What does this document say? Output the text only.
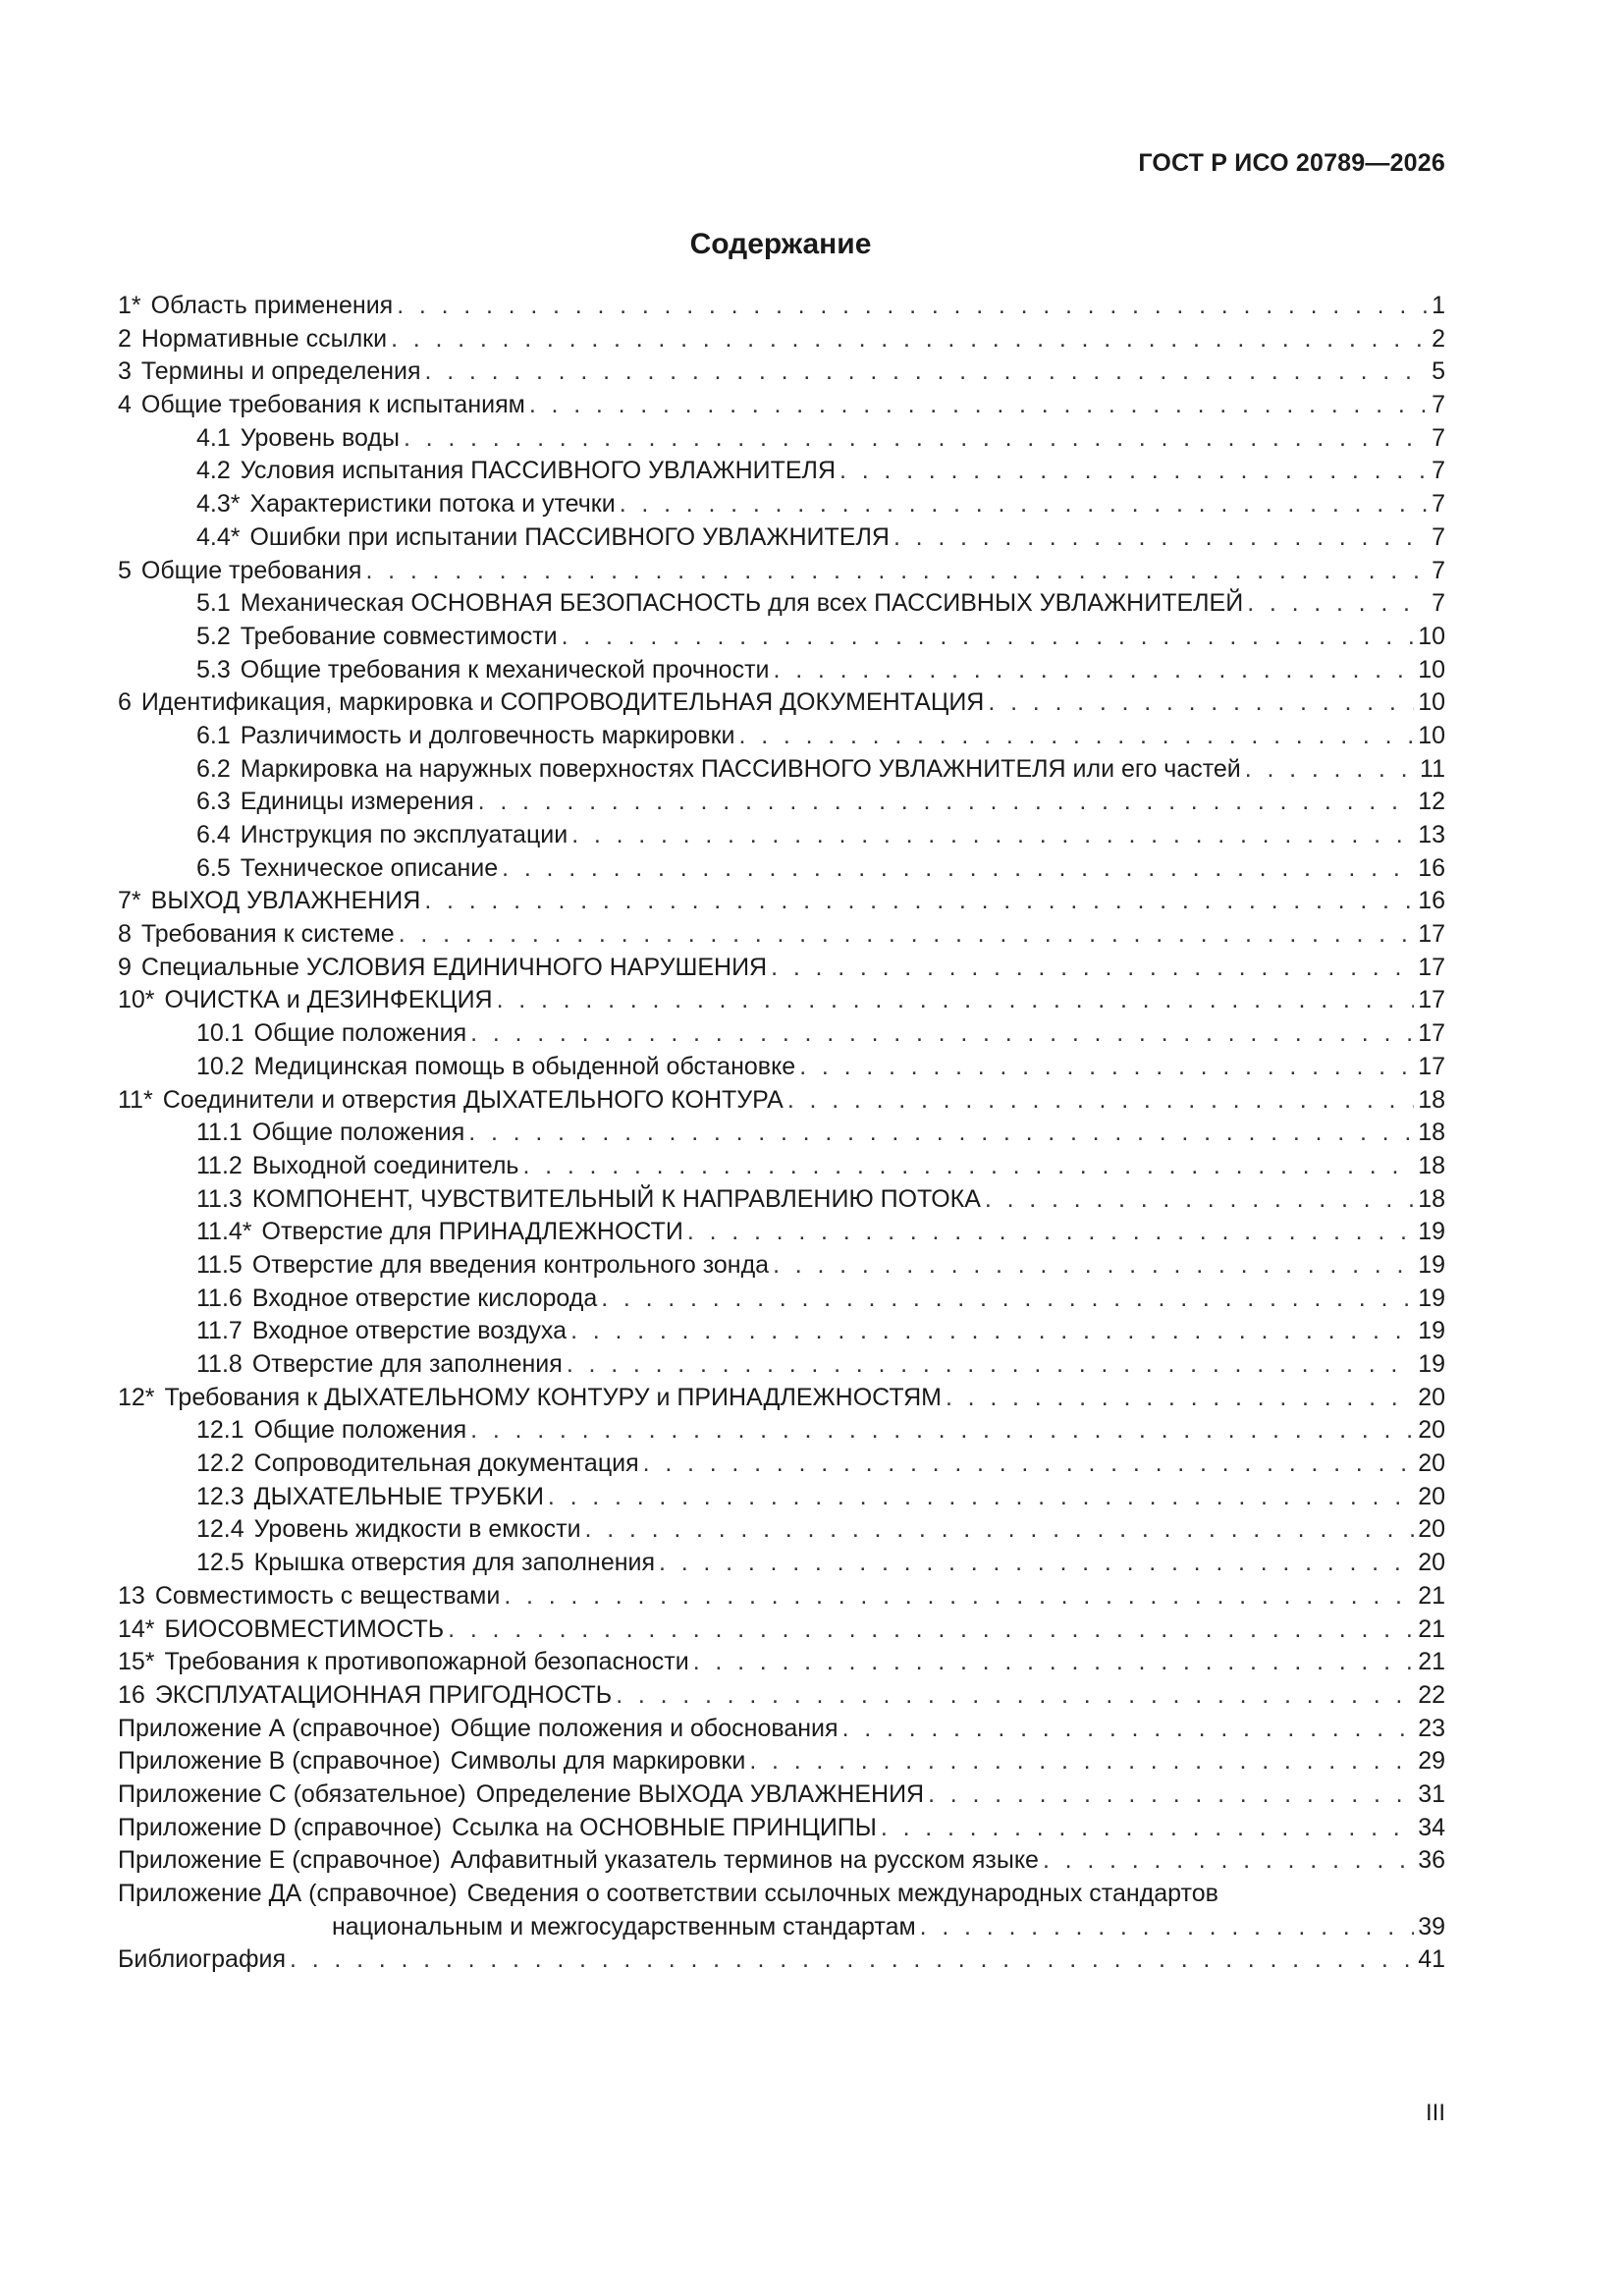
ГОСТ Р ИСО 20789—2026
Содержание
1* Область применения . . .	1
2 Нормативные ссылки . . .	2
3 Термины и определения . . .	5
4 Общие требования к испытаниям . . .	7
4.1 Уровень воды . . .	7
4.2 Условия испытания ПАССИВНОГО УВЛАЖНИТЕЛЯ . . .	7
4.3* Характеристики потока и утечки . . .	7
4.4* Ошибки при испытании ПАССИВНОГО УВЛАЖНИТЕЛЯ . . .	7
5 Общие требования . . .	7
5.1 Механическая ОСНОВНАЯ БЕЗОПАСНОСТЬ для всех ПАССИВНЫХ УВЛАЖНИТЕЛЕЙ . . .	7
5.2 Требование совместимости . . .	10
5.3 Общие требования к механической прочности . . .	10
6 Идентификация, маркировка и СОПРОВОДИТЕЛЬНАЯ ДОКУМЕНТАЦИЯ . . .	10
6.1 Различимость и долговечность маркировки . . .	10
6.2 Маркировка на наружных поверхностях ПАССИВНОГО УВЛАЖНИТЕЛЯ или его частей . . .	11
6.3 Единицы измерения . . .	12
6.4 Инструкция по эксплуатации . . .	13
6.5 Техническое описание . . .	16
7* ВЫХОД УВЛАЖНЕНИЯ . . .	16
8 Требования к системе . . .	17
9 Специальные УСЛОВИЯ ЕДИНИЧНОГО НАРУШЕНИЯ . . .	17
10* ОЧИСТКА и ДЕЗИНФЕКЦИЯ . . .	17
10.1 Общие положения . . .	17
10.2 Медицинская помощь в обыденной обстановке . . .	17
11* Соединители и отверстия ДЫХАТЕЛЬНОГО КОНТУРА . . .	18
11.1 Общие положения . . .	18
11.2 Выходной соединитель . . .	18
11.3 КОМПОНЕНТ, ЧУВСТВИТЕЛЬНЫЙ К НАПРАВЛЕНИЮ ПОТОКА . . .	18
11.4* Отверстие для ПРИНАДЛЕЖНОСТИ . . .	19
11.5 Отверстие для введения контрольного зонда . . .	19
11.6 Входное отверстие кислорода . . .	19
11.7 Входное отверстие воздуха . . .	19
11.8 Отверстие для заполнения . . .	19
12* Требования к ДЫХАТЕЛЬНОМУ КОНТУРУ и ПРИНАДЛЕЖНОСТЯМ . . .	20
12.1 Общие положения . . .	20
12.2 Сопроводительная документация . . .	20
12.3 ДЫХАТЕЛЬНЫЕ ТРУБКИ . . .	20
12.4 Уровень жидкости в емкости . . .	20
12.5 Крышка отверстия для заполнения . . .	20
13 Совместимость с веществами . . .	21
14* БИОСОВМЕСТИМОСТЬ . . .	21
15* Требования к противопожарной безопасности . . .	21
16 ЭКСПЛУАТАЦИОННАЯ ПРИГОДНОСТЬ . . .	22
Приложение А (справочное) Общие положения и обоснования . . .	23
Приложение В (справочное) Символы для маркировки . . .	29
Приложение С (обязательное) Определение ВЫХОДА УВЛАЖНЕНИЯ . . .	31
Приложение D (справочное) Ссылка на ОСНОВНЫЕ ПРИНЦИПЫ . . .	34
Приложение Е (справочное) Алфавитный указатель терминов на русском языке . . .	36
Приложение ДА (справочное) Сведения о соответствии ссылочных международных стандартов
национальным и межгосударственным стандартам . . .	39
Библиография . . .	41
III
